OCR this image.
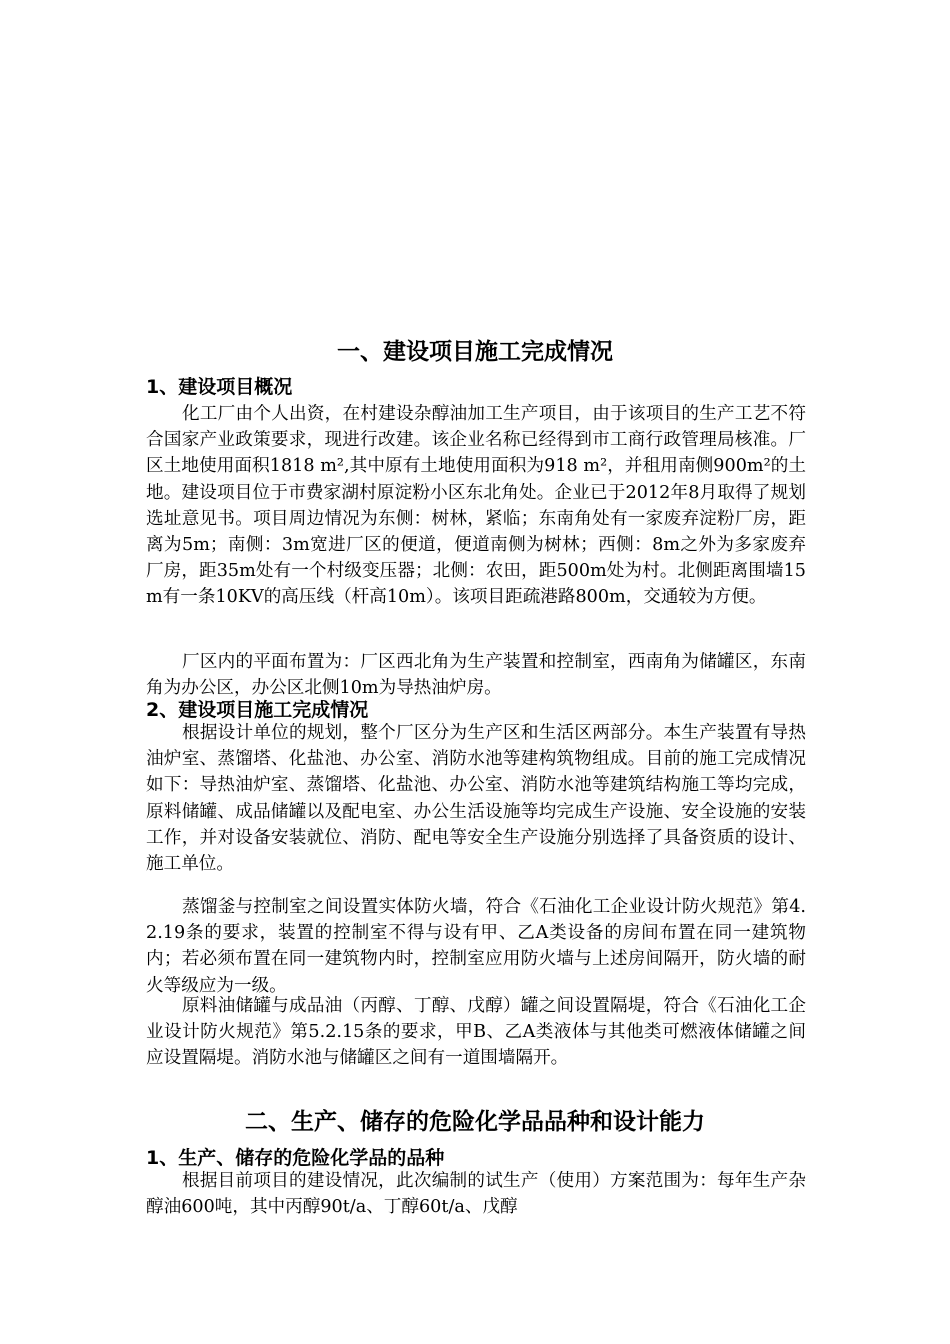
一、建设项目施工完成情况
1、建设项目概况

化工厂由个人出资，在村建设杂醇油加工生产项目，由于该项目的生产工艺不符合国家产业政策要求，现进行改建。该企业名称已经得到市工商行政管理局核准。厂区土地使用面积1818 m²,其中原有土地使用面积为918 m²，并租用南侧900m²的土地。建设项目位于市费家湖村原淀粉小区东北角处。企业已于2012年8月取得了规划选址意见书。项目周边情况为东侧：树林，紧临；东南角处有一家废弃淀粉厂房，距离为5m；南侧：3m宽进厂区的便道，便道南侧为树林；西侧：8m之外为多家废弃厂房，距35m处有一个村级变压器；北侧：农田，距500m处为村。北侧距离围墙15m有一条10KV的高压线（杆高10m）。该项目距疏港路800m，交通较为方便。

厂区内的平面布置为：厂区西北角为生产装置和控制室，西南角为储罐区，东南角为办公区，办公区北侧10m为导热油炉房。

2、建设项目施工完成情况

根据设计单位的规划，整个厂区分为生产区和生活区两部分。本生产装置有导热油炉室、蒸馏塔、化盐池、办公室、消防水池等建构筑物组成。目前的施工完成情况如下：导热油炉室、蒸馏塔、化盐池、办公室、消防水池等建筑结构施工等均完成，原料储罐、成品储罐以及配电室、办公生活设施等均完成生产设施、安全设施的安装工作，并对设备安装就位、消防、配电等安全生产设施分别选择了具备资质的设计、施工单位。

蒸馏釜与控制室之间设置实体防火墙，符合《石油化工企业设计防火规范》第4.2.19条的要求，装置的控制室不得与设有甲、乙A类设备的房间布置在同一建筑物内；若必须布置在同一建筑物内时，控制室应用防火墙与上述房间隔开，防火墙的耐火等级应为一级。

原料油储罐与成品油（丙醇、丁醇、戊醇）罐之间设置隔堤，符合《石油化工企业设计防火规范》第5.2.15条的要求，甲B、乙A类液体与其他类可燃液体储罐之间应设置隔堤。消防水池与储罐区之间有一道围墙隔开。

二、生产、储存的危险化学品品种和设计能力
1、生产、储存的危险化学品的品种

根据目前项目的建设情况，此次编制的试生产（使用）方案范围为：每年生产杂醇油600吨，其中丙醇90t/a、丁醇60t/a、戊醇
